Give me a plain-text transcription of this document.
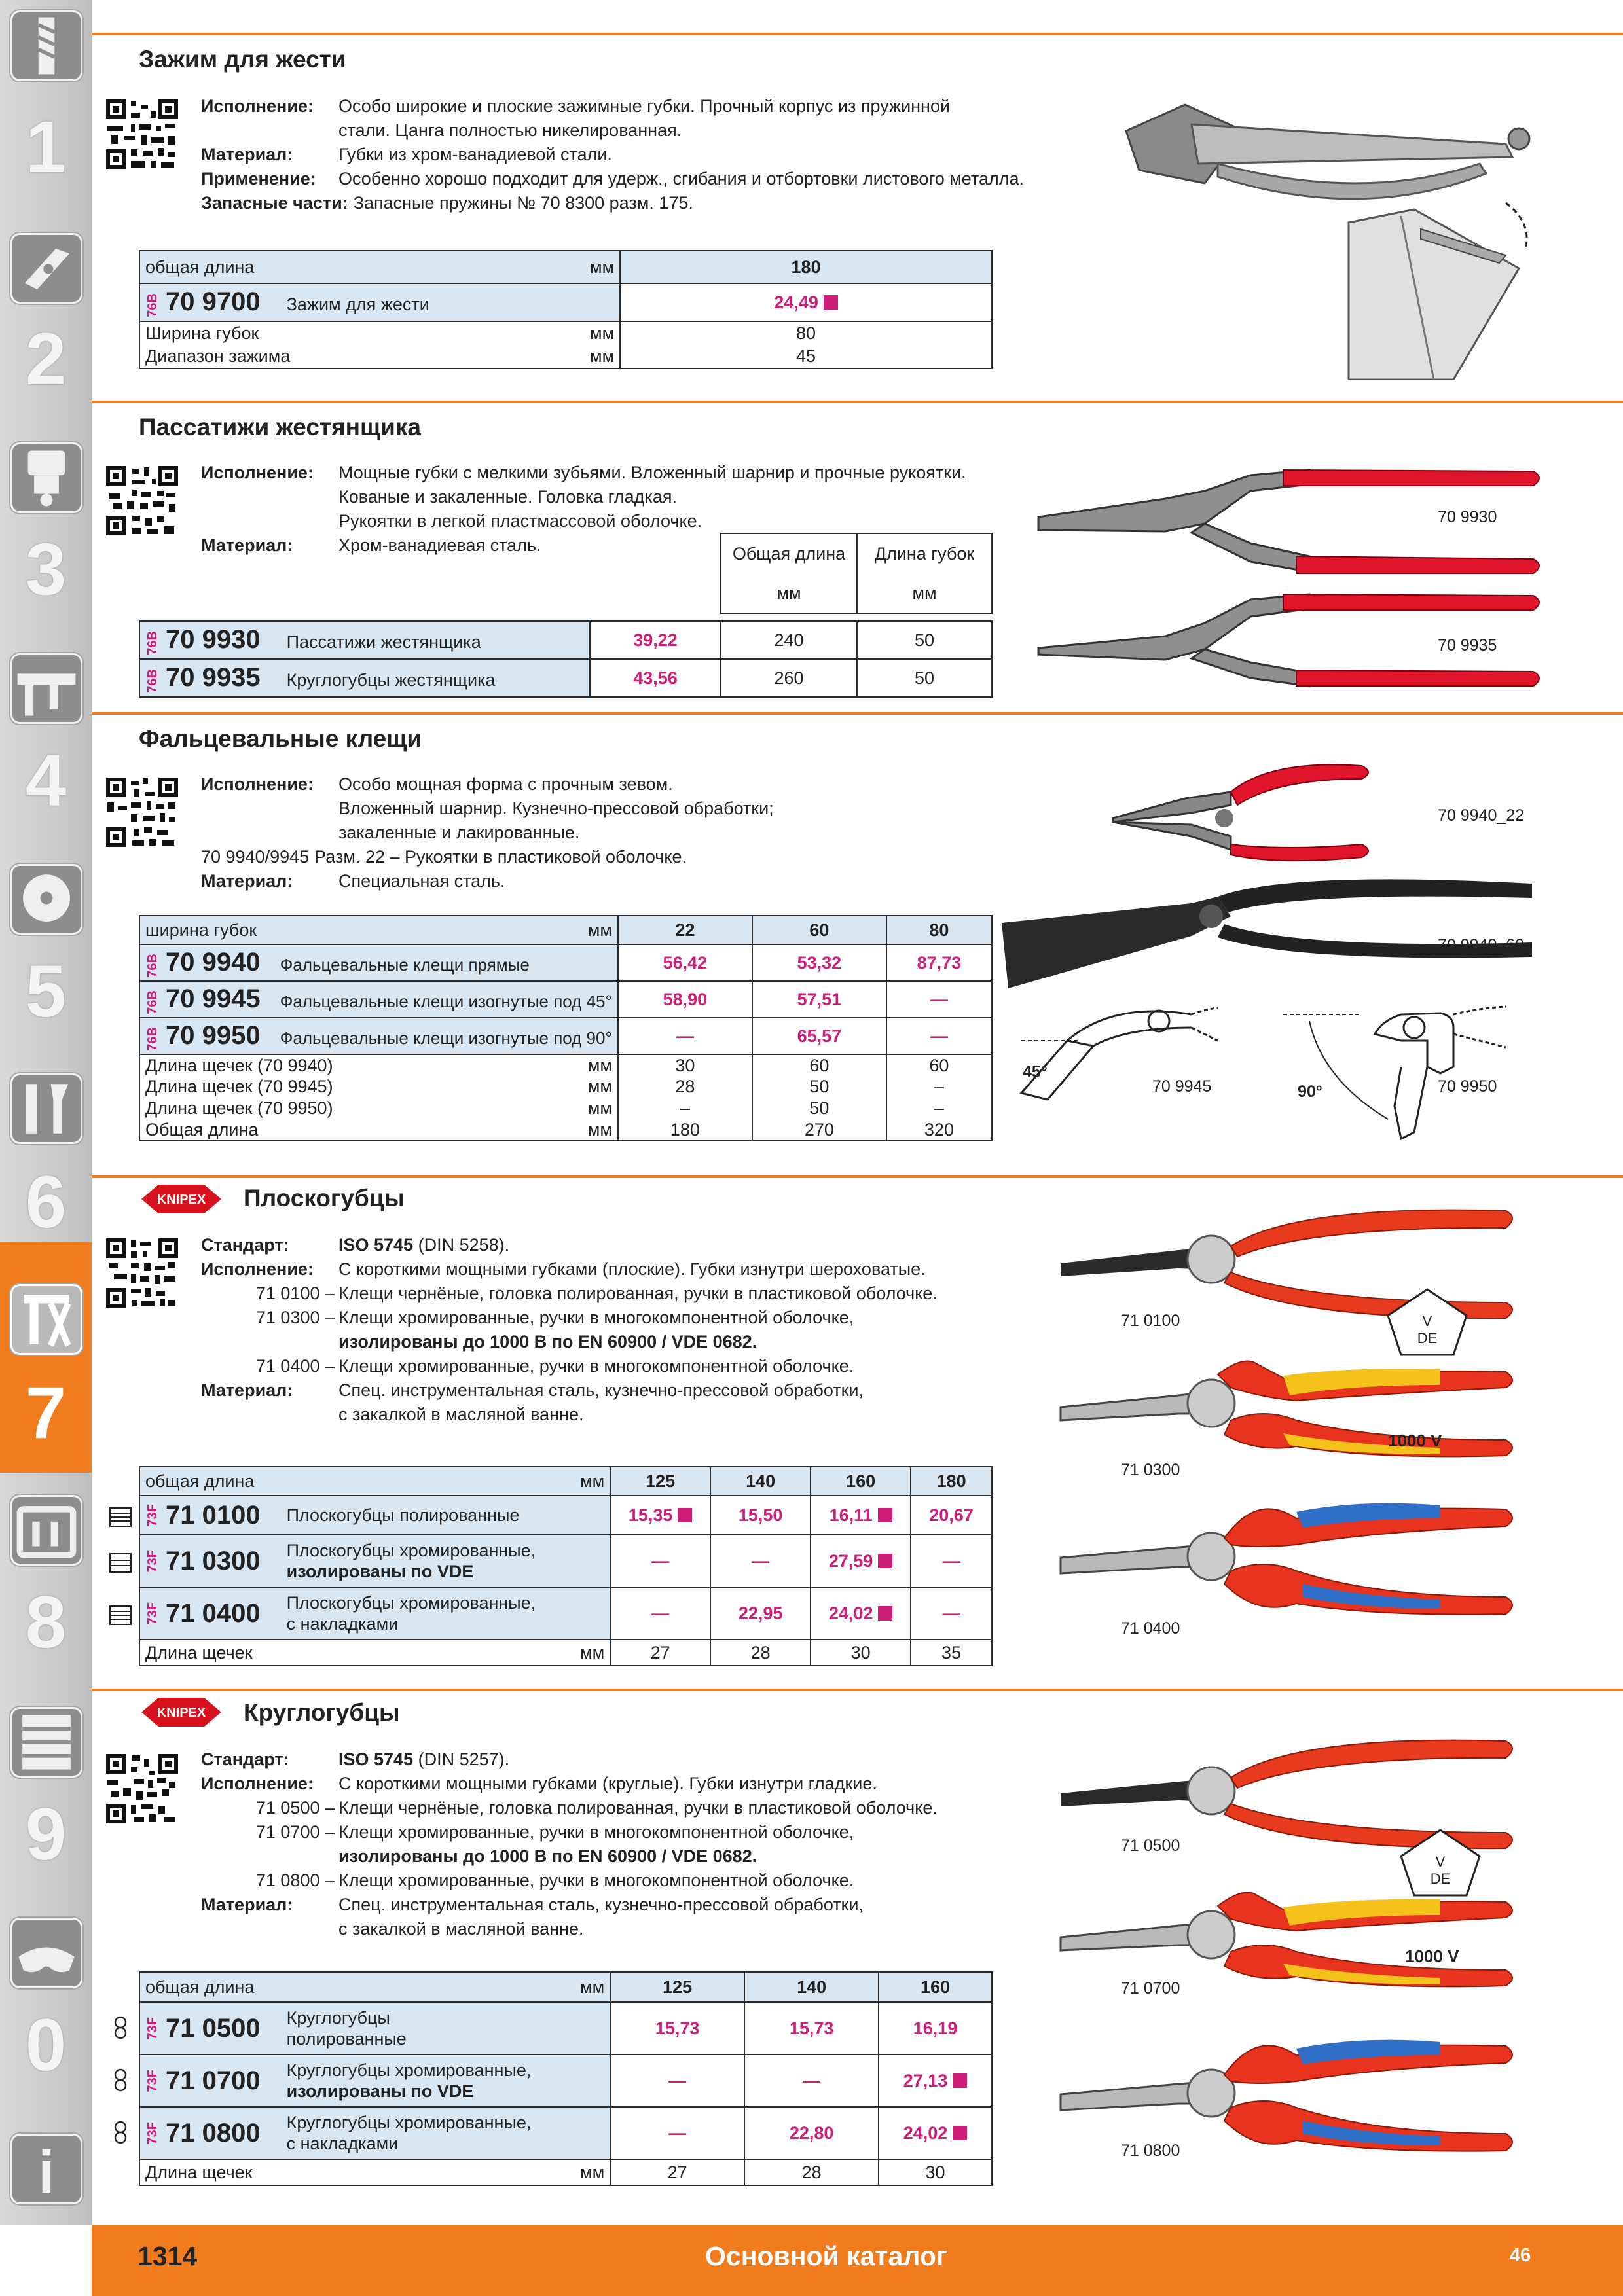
1
2
3
4
5
6
7
8
9
0
i
Зажим для жести
Исполнение:	Особо широкие и плоские зажимные губки. Прочный корпус из пружинной
стали. Цанга полностью никелированная.
Материал:	Губки из хром-ванадиевой стали.
Применение:	Особенно хорошо подходит для удерж., сгибания и отбортовки листового металла.
Запасные части: Запасные пружины № 70 8300 разм. 175.
общая длина	мм	180
76B 70 9700 Зажим для жести		24,49
Ширина губок	мм	80
Диапазон зажима	мм	45
Пассатижи жестянщика
Исполнение:	Мощные губки с мелкими зубьями. Вложенный шарнир и прочные рукоятки.
Кованые и закаленные. Головка гладкая.
Рукоятки в легкой пластмассовой оболочке.
Материал:	Хром-ванадиевая сталь.	Общая длина
мм

Длина губок
мм
76B 70 9930 Пассатижи жестянщика	39,22	240	50
76B 70 9935 Круглогубцы жестянщика	43,56	260	50
70 9930
70 9935
Фальцевальные клещи
Исполнение:	Особо мощная форма с прочным зевом.
Вложенный шарнир. Кузнечно-прессовой обработки;
закаленные и лакированные.
70 9940/9945 Разм. 22 – Рукоятки в пластиковой оболочке.
Материал:	Специальная сталь.
ширина губок	мм	22	60	80
76B 70 9940 Фальцевальные клещи прямые		56,42	53,32	87,73
76B 70 9945 Фальцевальные клещи изогнутые под 45°		58,90	57,51	—
76B 70 9950 Фальцевальные клещи изогнутые под 90°		—	65,57	—
Длина щечек (70 9940)	мм	30	60	60
Длина щечек (70 9945)	мм	28	50	–
Длина щечек (70 9950)	мм	–	50	–
Общая длина	мм	180	270	320
70 9940_22
70 9940_60
70 9945	70 9950
45°
90°
KNIPEX Плоскогубцы
Стандарт:	ISO 5745 (DIN 5258).
Исполнение:	С короткими мощными губками (плоские). Губки изнутри шероховатые.
71 0100 – Клещи чернёные, головка полированная, ручки в пластиковой оболочке.
71 0300 – Клещи хромированные, ручки в многокомпонентной оболочке,
изолированы до 1000 В по EN 60900 / VDE 0682.
71 0400 – Клещи хромированные, ручки в многокомпонентной оболочке.
Материал:	Спец. инструментальная сталь, кузнечно-прессовой обработки,
с закалкой в масляной ванне.
общая длина	мм	125	140	160	180

73F 71 0100 Плоскогубцы полированные		15,35	15,50	16,11	20,67

73F 71 0300 Плоскогубцы хромированные,
изолированы по VDE		—	—	27,59	—

73F 71 0400 Плоскогубцы хромированные,
с накладками		—	22,95	24,02	—
Длина щечек	мм	27	28	30	35
V
DE
1000 V
71 0100
71 0300
71 0400
KNIPEX Круглогубцы
Стандарт:	ISO 5745 (DIN 5257).
Исполнение:	С короткими мощными губками (круглые). Губки изнутри гладкие.
71 0500 – Клещи чернёные, головка полированная, ручки в пластиковой оболочке.
71 0700 – Клещи хромированные, ручки в многокомпонентной оболочке,
изолированы до 1000 В по EN 60900 / VDE 0682.
71 0800 – Клещи хромированные, ручки в многокомпонентной оболочке.
Материал:	Спец. инструментальная сталь, кузнечно-прессовой обработки,
с закалкой в масляной ванне.
общая длина	мм	125	140	160

73F 71 0500 Круглогубцы
полированные		15,73	15,73	16,19

73F 71 0700 Круглогубцы хромированные,
изолированы по VDE		—	—	27,13

73F 71 0800 Круглогубцы хромированные,
с накладками		—	22,80	24,02
Длина щечек	мм	27	28	30
V
DE
1000 V
71 0500
71 0700
71 0800
1314	Основной каталог	46
